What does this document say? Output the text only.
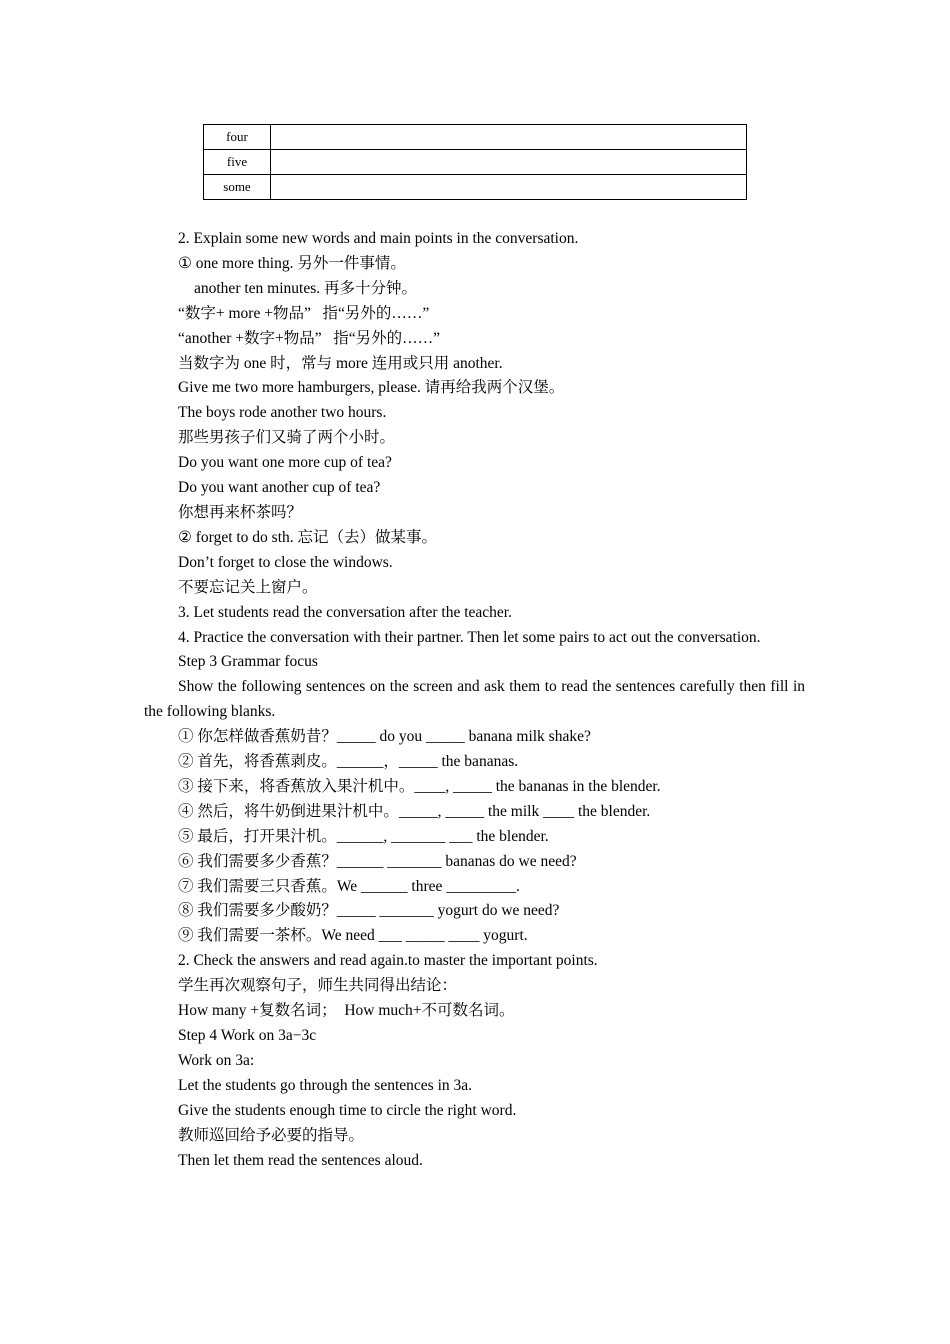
four	
five	
some	

2. Explain some new words and main points in the conversation.

① one more thing. 另外一件事情。

another ten minutes. 再多十分钟。

“数字+ more +物品”   指“另外的……”

“another +数字+物品”   指“另外的……”

当数字为 one 时，常与 more 连用或只用 another.

Give me two more hamburgers, please. 请再给我两个汉堡。

The boys rode another two hours.

那些男孩子们又骑了两个小时。

Do you want one more cup of tea?

Do you want another cup of tea?

你想再来杯茶吗？

② forget to do sth. 忘记（去）做某事。

Don’t forget to close the windows.

不要忘记关上窗户。

3. Let students read the conversation after the teacher.

4. Practice the conversation with their partner. Then let some pairs to act out the conversation.

Step 3 Grammar focus

Show the following sentences on the screen and ask them to read the sentences carefully then fill in the following blanks.

① 你怎样做香蕉奶昔？_____ do you _____ banana milk shake?

② 首先，将香蕉剥皮。______，_____ the bananas.

③ 接下来，将香蕉放入果汁机中。____, _____ the bananas in the blender.

④ 然后，将牛奶倒进果汁机中。_____, _____ the milk ____ the blender.

⑤ 最后，打开果汁机。______, _______ ___ the blender.

⑥ 我们需要多少香蕉？______ _______ bananas do we need?

⑦ 我们需要三只香蕉。We ______ three _________.

⑧ 我们需要多少酸奶？_____ _______ yogurt do we need?

⑨ 我们需要一茶杯。We need ___ _____ ____ yogurt.

2. Check the answers and read again.to master the important points.

学生再次观察句子，师生共同得出结论：

How many +复数名词；  How much+不可数名词。

Step 4 Work on 3a−3c

Work on 3a:

Let the students go through the sentences in 3a.

Give the students enough time to circle the right word.

教师巡回给予必要的指导。

Then let them read the sentences aloud.
